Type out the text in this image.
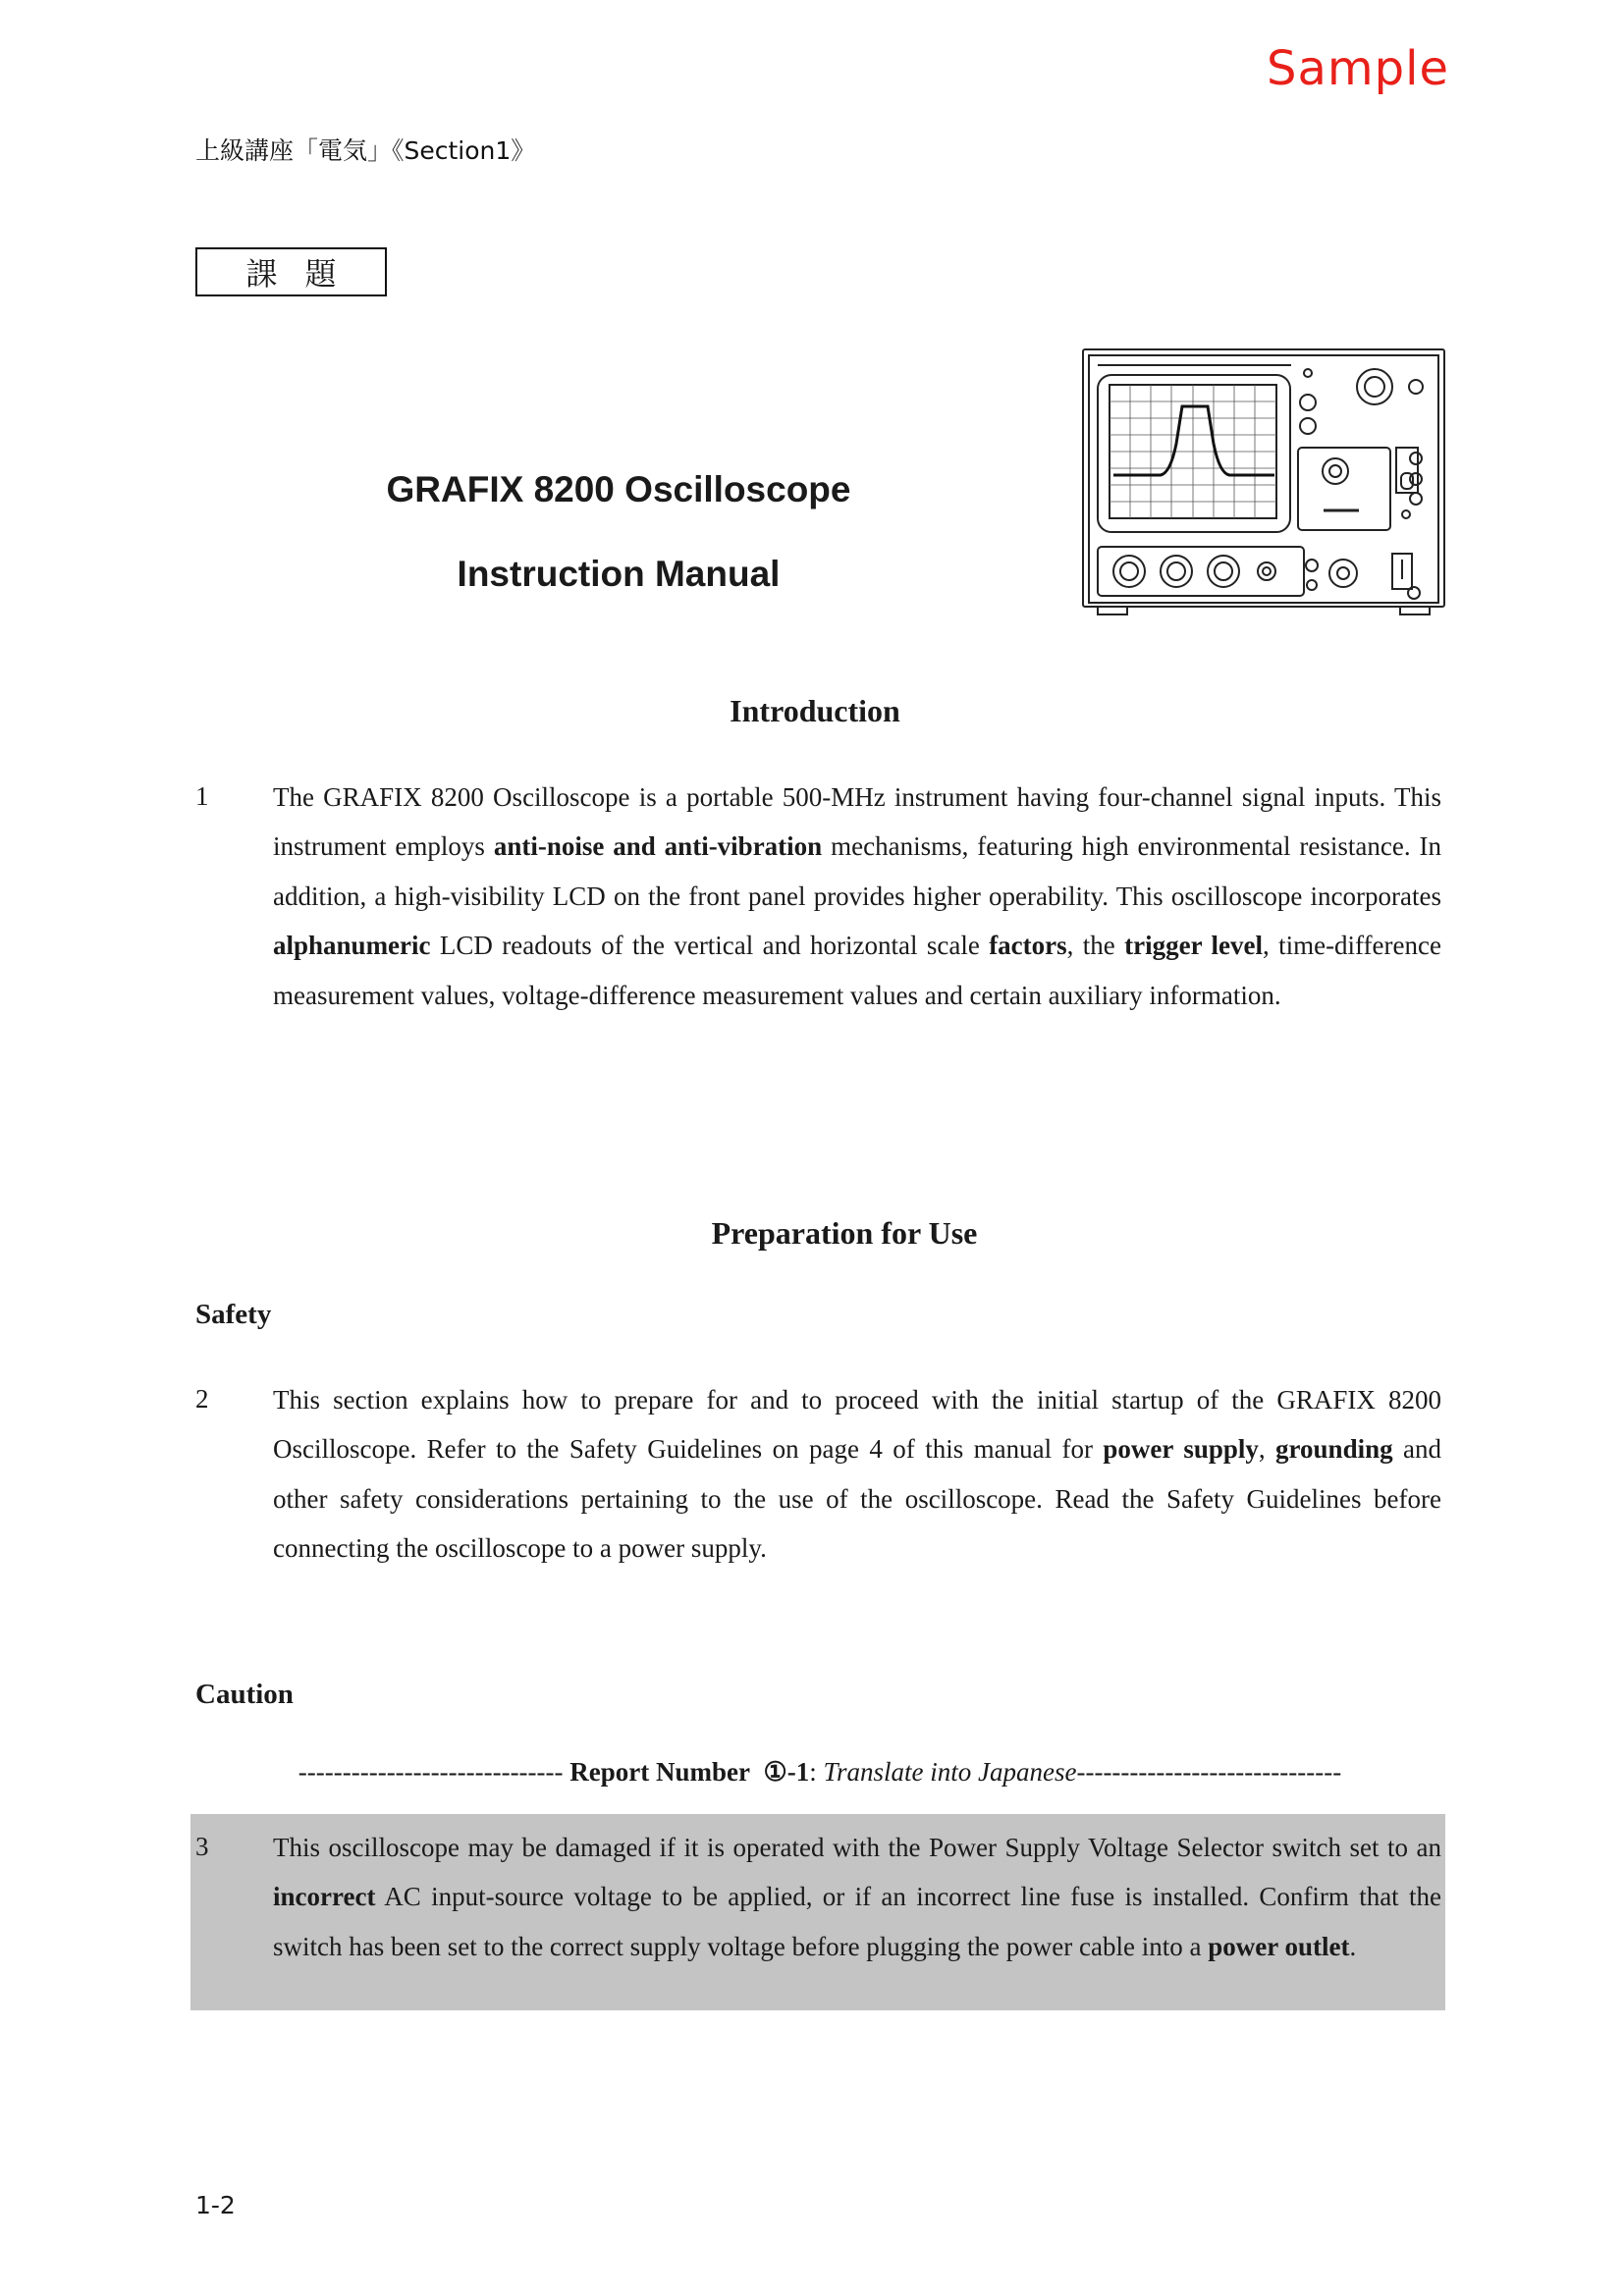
Sample
上級講座「電気」《Section1》
課題
GRAFIX 8200 Oscilloscope
Instruction Manual
Introduction
1 The GRAFIX 8200 Oscilloscope is a portable 500-MHz instrument having four-channel signal inputs. This instrument employs anti-noise and anti-vibration mechanisms, featuring high environmental resistance. In addition, a high-visibility LCD on the front panel provides higher operability. This oscilloscope incorporates alphanumeric LCD readouts of the vertical and horizontal scale factors, the trigger level, time-difference measurement values, voltage-difference measurement values and certain auxiliary information.
Preparation for Use
Safety
2 This section explains how to prepare for and to proceed with the initial startup of the GRAFIX 8200 Oscilloscope. Refer to the Safety Guidelines on page 4 of this manual for power supply, grounding and other safety considerations pertaining to the use of the oscilloscope. Read the Safety Guidelines before connecting the oscilloscope to a power supply.
Caution
------------------------------ Report Number ①-1: Translate into Japanese------------------------------
3 This oscilloscope may be damaged if it is operated with the Power Supply Voltage Selector switch set to an incorrect AC input-source voltage to be applied, or if an incorrect line fuse is installed. Confirm that the switch has been set to the correct supply voltage before plugging the power cable into a power outlet.
1-2
